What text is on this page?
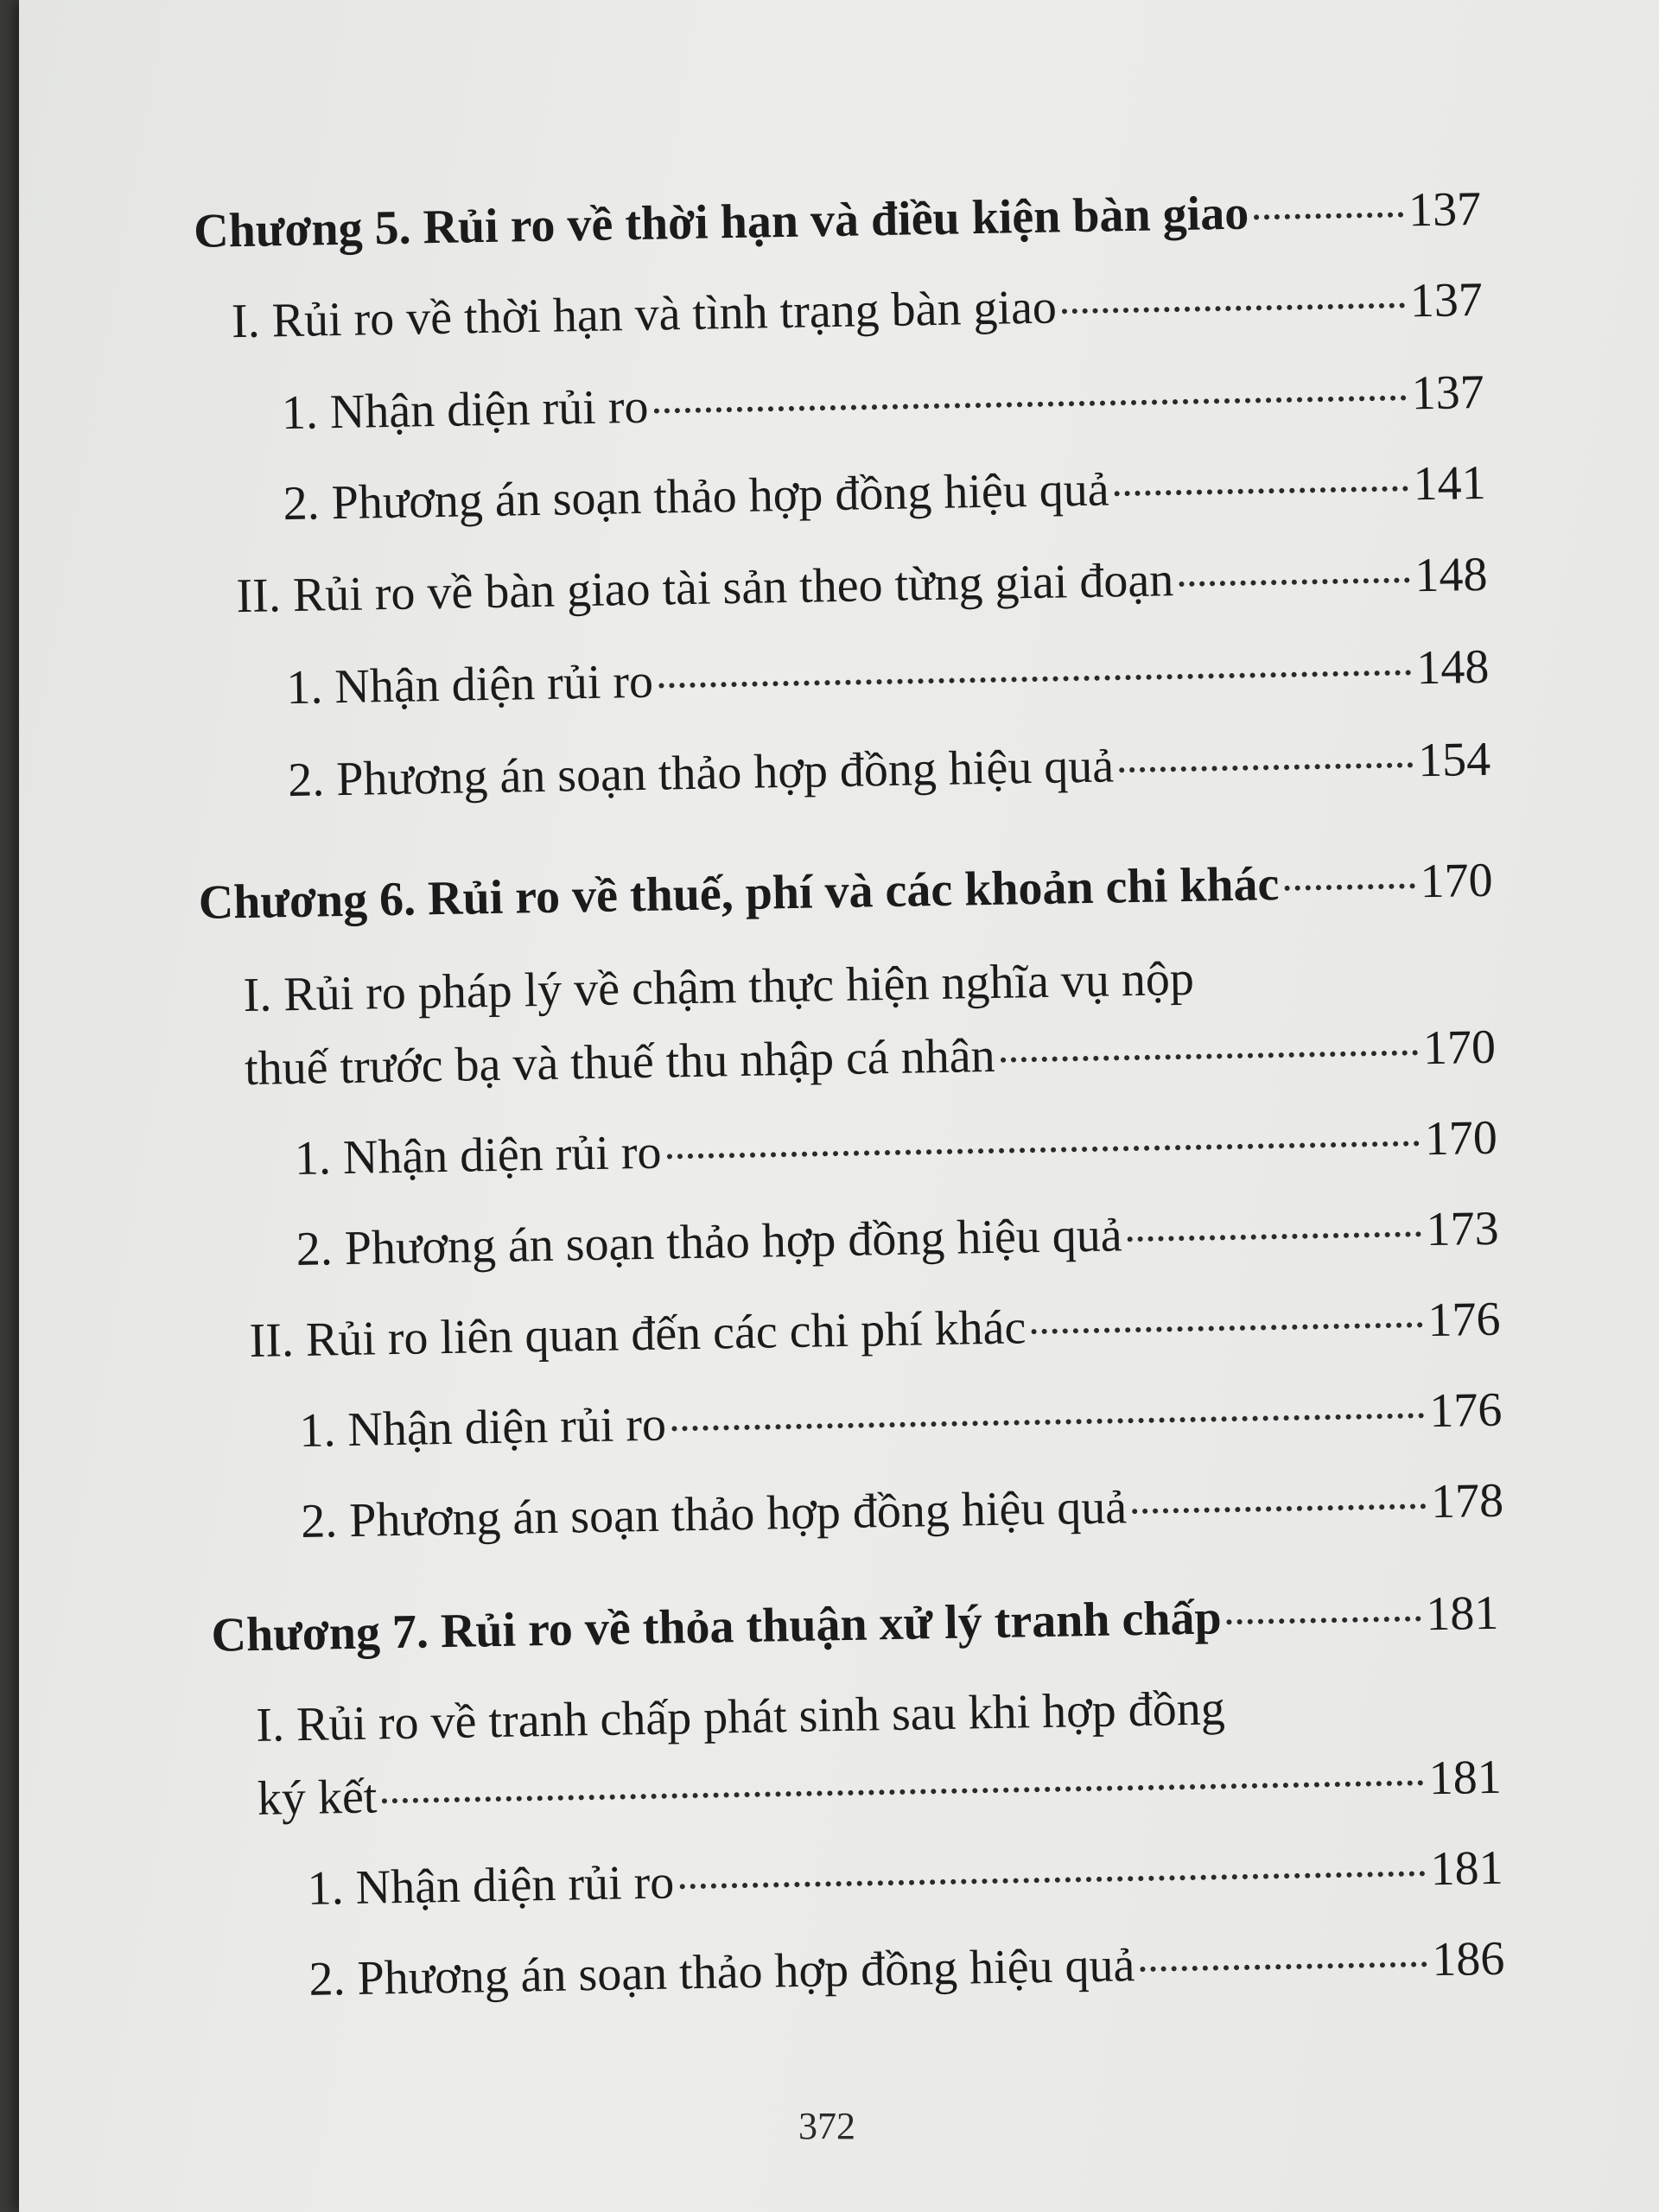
Chương 5. Rủi ro về thời hạn và điều kiện bàn giao	137
I. Rủi ro về thời hạn và tình trạng bàn giao	137
1. Nhận diện rủi ro	137
2. Phương án soạn thảo hợp đồng hiệu quả	141
II. Rủi ro về bàn giao tài sản theo từng giai đoạn	148
1. Nhận diện rủi ro	148
2. Phương án soạn thảo hợp đồng hiệu quả	154
Chương 6. Rủi ro về thuế, phí và các khoản chi khác	170
I. Rủi ro pháp lý về chậm thực hiện nghĩa vụ nộp
thuế trước bạ và thuế thu nhập cá nhân	170
1. Nhận diện rủi ro	170
2. Phương án soạn thảo hợp đồng hiệu quả	173
II. Rủi ro liên quan đến các chi phí khác	176
1. Nhận diện rủi ro	176
2. Phương án soạn thảo hợp đồng hiệu quả	178
Chương 7. Rủi ro về thỏa thuận xử lý tranh chấp	181
I. Rủi ro về tranh chấp phát sinh sau khi hợp đồng
ký kết	181
1. Nhận diện rủi ro	181
2. Phương án soạn thảo hợp đồng hiệu quả	186
372
